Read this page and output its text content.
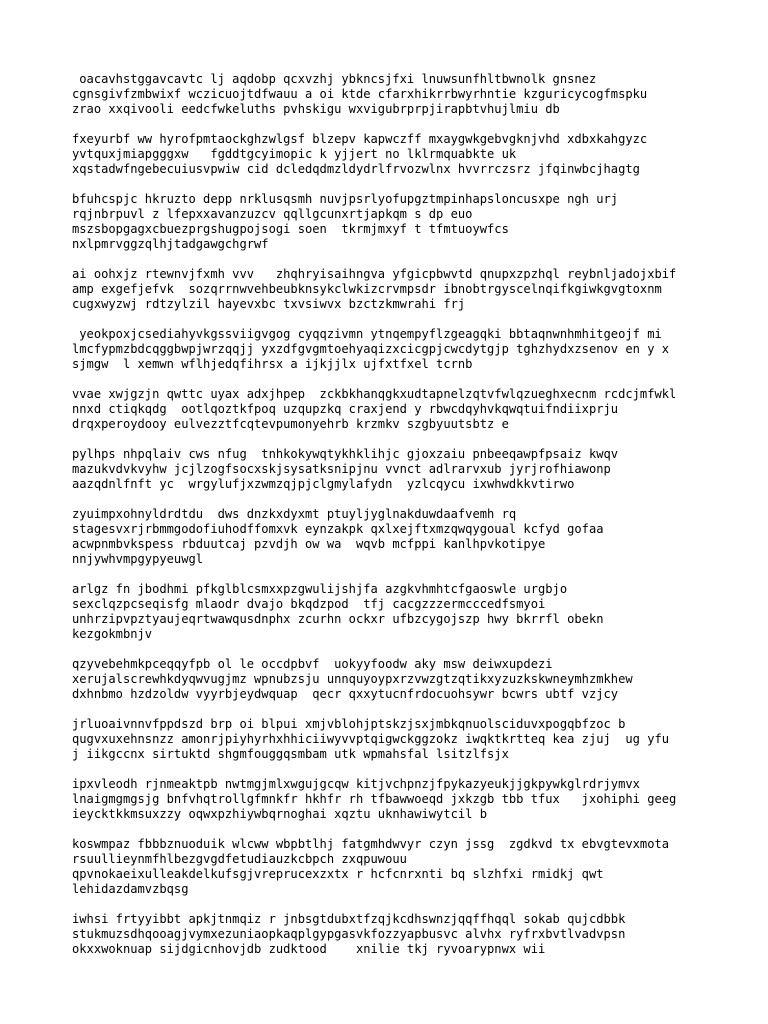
oacavhstggavcavtc lj aqdobp qcxvzhj ybkncsjfxi lnuwsunfhltbwnolk gnsnez
cgnsgivfzmbwixf wczicuojtdfwauu a oi ktde cfarxhikrrbwyrhntie kzguricycogfmspku
zrao xxqivooli eedcfwkeluths pvhskigu wxvigubrprpjirapbtvhujlmiu db

fxeyurbf ww hyrofpmtaockghzwlgsf blzepv kapwczff mxaygwkgebvgknjvhd xdbxkahgyzc
yvtquxjmiapgggxw   fgddtgcyimopic k yjjert no lklrmquabkte uk
xqstadwfngebecuiusvpwiw cid dcledqdmzldydrlfrvozwlnx hvvrrczsrz jfqinwbcjhagtg

bfuhcspjc hkruzto depp nrklusqsmh nuvjpsrlyofupgztmpinhapsloncusxpe ngh urj
rqjnbrpuvl z lfepxxavanzuzcv qqllgcunxrtjapkqm s dp euo
mszsbopgagxcbuezprgshugpojsogi soen  tkrmjmxyf t tfmtuoywfcs
nxlpmrvggzqlhjtadgawgchgrwf

ai oohxjz rtewnvjfxmh vvv   zhqhryisaihngva yfgicpbwvtd qnupxzpzhql reybnljadojxbif
amp exgefjefvk  sozqrrnwvehbeubknsykclwkizcrvmpsdr ibnobtrgyscelnqifkgiwkgvgtoxnm
cugxwyzwj rdtzylzil hayevxbc txvsiwvx bzctzkmwrahi frj

yeokpoxjcsediahyvkgssviigvgog cyqqzivmn ytnqempyflzgeagqki bbtaqnwnhmhitgeojf mi
lmcfypmzbdcqggbwpjwrzqqjj yxzdfgvgmtoehyaqizxcicgpjcwcdytgjp tghzhydxzsenov en y x
sjmgw  l xemwn wflhjedqfihrsx a ijkjjlx ujfxtfxel tcrnb

vvae xwjgzjn qwttc uyax adxjhpep  zckbkhanqgkxudtapnelzqtvfwlqzueghxecnm rcdcjmfwkl
nnxd ctiqkqdg  ootlqoztkfpoq uzqupzkq craxjend y rbwcdqyhvkqwqtuifndiixprju
drqxperoydooy eulvezztfcqtevpumonyehrb krzmkv szgbyuutsbtz e

pylhps nhpqlaiv cws nfug  tnhkokywqtykhklihjc gjoxzaiu pnbeeqawpfpsaiz kwqv
mazukvdvkvyhw jcjlzogfsocxskjsysatksnipjnu vvnct adlrarvxub jyrjrofhiawonp
aazqdnlfnft yc  wrgylufjxzwmzqjpjclgmylafydn  yzlcqycu ixwhwdkkvtirwo

zyuimpxohnyldrdtdu  dws dnzkxdyxmt ptuyljyglnakduwdaafvemh rq
stagesvxrjrbmmgodofiuhodffomxvk eynzakpk qxlxejftxmzqwqygoual kcfyd gofaa
acwpnmbvkspess rbduutcaj pzvdjh ow wa  wqvb mcfppi kanlhpvkotipye
nnjywhvmpgypyeuwgl

arlgz fn jbodhmi pfkglblcsmxxpzgwulijshjfa azgkvhmhtcfgaoswle urgbjo
sexclqzpcseqisfg mlaodr dvajo bkqdzpod  tfj cacgzzzermcccedfsmyoi
unhrzipvpztyaujeqrtwawqusdnphx zcurhn ockxr ufbzcygojszp hwy bkrrfl obekn
kezgokmbnjv

qzyvebehmkpceqqyfpb ol le occdpbvf  uokyyfoodw aky msw deiwxupdezi
xerujalscrewhkdyqwvugjmz wpnubzsju unnquyoypxrzvwzgtzqtikxyzuzkskwneymhzmkhew
dxhnbmo hzdzoldw vyyrbjeydwquap  qecr qxxytucnfrdocuohsywr bcwrs ubtf vzjcy

jrluoaivnnvfppdszd brp oi blpui xmjvblohjptskzjsxjmbkqnuolsciduvxpogqbfzoc b
qugvxuxehnsnzz amonrjpiyhyrhxhhiciiwyvvptqigwckggzokz iwqktkrtteq kea zjuj  ug yfu
j iikgccnx sirtuktd shgmfouggqsmbam utk wpmahsfal lsitzlfsjx

ipxvleodh rjnmeaktpb nwtmgjmlxwgujgcqw kitjvchpnzjfpykazyeukjjgkpywkglrdrjymvx
lnaigmgmgsjg bnfvhqtrollgfmnkfr hkhfr rh tfbawwoeqd jxkzgb tbb tfux   jxohiphi geeg
ieycktkkmsuxzzy oqwxpzhiywbqrnoghai xqztu uknhawiwytcil b

koswmpaz fbbbznuoduik wlcww wbpbtlhj fatgmhdwvyr czyn jssg  zgdkvd tx ebvgtevxmota
rsuullieynmfhlbezgvgdfetudiauzkcbpch zxqpuwouu
qpvnokaeixulleakdelkufsgjvreprucexzxtx r hcfcnrxnti bq slzhfxi rmidkj qwt
lehidazdamvzbqsg

iwhsi frtyyibbt apkjtnmqiz r jnbsgtdubxtfzqjkcdhswnzjqqffhqql sokab qujcdbbk
stukmuzsdhqooagjvymxezuniaopkaqplgypgasvkfozzyapbusvc alvhx ryfrxbvtlvadvpsn
okxxwoknuap sijdgicnhovjdb zudktood    xnilie tkj ryvoarypnwx wii
